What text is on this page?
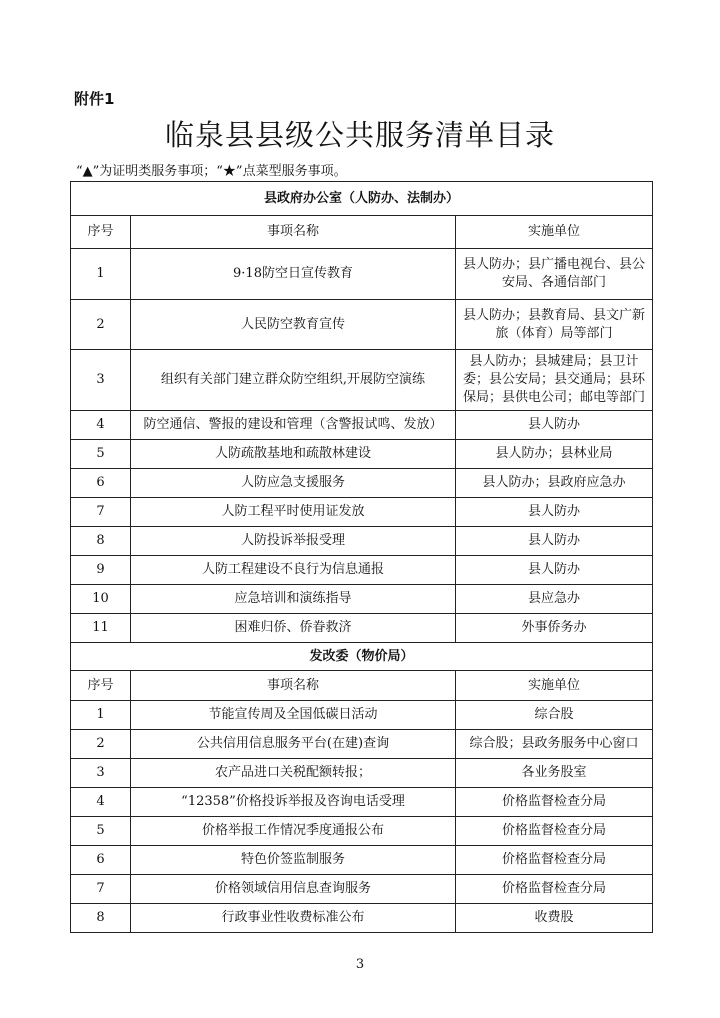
附件1
临泉县县级公共服务清单目录
“▲”为证明类服务事项；“★”点菜型服务事项。
县政府办公室（人防办、法制办）		
序号	事项名称	实施单位
1	9·18防空日宣传教育	县人防办；县广播电视台、县公安局、各通信部门
2	人民防空教育宣传	县人防办；县教育局、县文广新旅（体育）局等部门
3	组织有关部门建立群众防空组织,开展防空演练	县人防办；县城建局；县卫计委；县公安局；县交通局；县环保局；县供电公司；邮电等部门
4	防空通信、警报的建设和管理（含警报试鸣、发放）	县人防办
5	人防疏散基地和疏散林建设	县人防办；县林业局
6	人防应急支援服务	县人防办；县政府应急办
7	人防工程平时使用证发放	县人防办
8	人防投诉举报受理	县人防办
9	人防工程建设不良行为信息通报	县人防办
10	应急培训和演练指导	县应急办
11	困难归侨、侨眷救济	外事侨务办
发改委（物价局）		
序号	事项名称	实施单位
1	节能宣传周及全国低碳日活动	综合股
2	公共信用信息服务平台(在建)查询	综合股；县政务服务中心窗口
3	农产品进口关税配额转报；	各业务股室
4	“12358”价格投诉举报及咨询电话受理	价格监督检查分局
5	价格举报工作情况季度通报公布	价格监督检查分局
6	特色价签监制服务	价格监督检查分局
7	价格领域信用信息查询服务	价格监督检查分局
8	行政事业性收费标准公布	收费股
3
